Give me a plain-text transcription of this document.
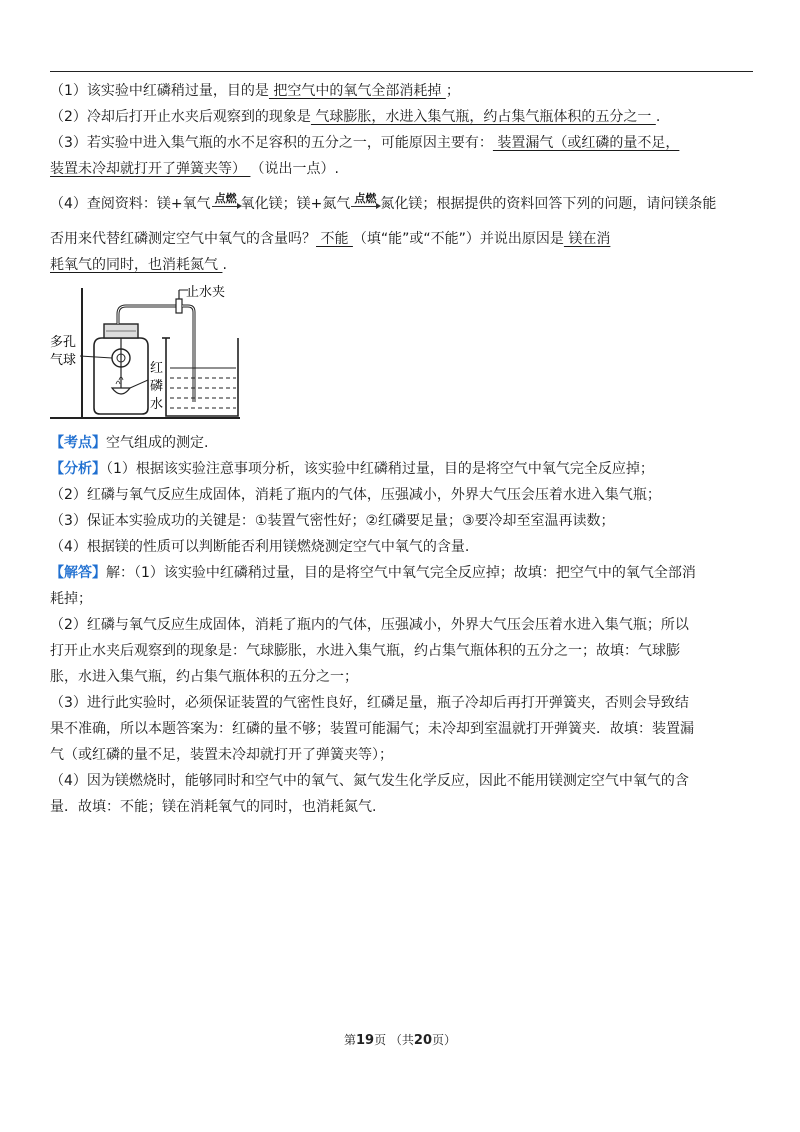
（1）该实验中红磷稍过量，目的是 把空气中的氧气全部消耗掉 ；

（2）冷却后打开止水夹后观察到的现象是 气球膨胀，水进入集气瓶，约占集气瓶体积的五分之一 .

（3）若实验中进入集气瓶的水不足容积的五分之一，可能原因主要有： 装置漏气（或红磷的量不足，

装置未冷却就打开了弹簧夹等） （说出一点）.

（4）查阅资料：镁+氧气 点燃 氧化镁；镁+氮气 点燃 氮化镁；根据提供的资料回答下列的问题，请问镁条能

否用来代替红磷测定空气中氧气的含量吗？ 不能 （填“能”或“不能”）并说出原因是 镁在消

耗氧气的同时，也消耗氮气 .

止水夹
多孔
气球
红
磷
水

【考点】空气组成的测定.

【分析】（1）根据该实验注意事项分析，该实验中红磷稍过量，目的是将空气中氧气完全反应掉；

（2）红磷与氧气反应生成固体，消耗了瓶内的气体，压强减小，外界大气压会压着水进入集气瓶；

（3）保证本实验成功的关键是：①装置气密性好；②红磷要足量；③要冷却至室温再读数；

（4）根据镁的性质可以判断能否利用镁燃烧测定空气中氧气的含量.

【解答】解：（1）该实验中红磷稍过量，目的是将空气中氧气完全反应掉；故填：把空气中的氧气全部消

耗掉；

（2）红磷与氧气反应生成固体，消耗了瓶内的气体，压强减小，外界大气压会压着水进入集气瓶；所以

打开止水夹后观察到的现象是：气球膨胀，水进入集气瓶，约占集气瓶体积的五分之一；故填：气球膨

胀，水进入集气瓶，约占集气瓶体积的五分之一；

（3）进行此实验时，必须保证装置的气密性良好，红磷足量，瓶子冷却后再打开弹簧夹，否则会导致结

果不准确，所以本题答案为：红磷的量不够；装置可能漏气；未冷却到室温就打开弹簧夹．故填：装置漏

气（或红磷的量不足，装置未冷却就打开了弹簧夹等）；

（4）因为镁燃烧时，能够同时和空气中的氧气、氮气发生化学反应，因此不能用镁测定空气中氧气的含

量．故填：不能；镁在消耗氧气的同时，也消耗氮气.

第19页 （共20页）
